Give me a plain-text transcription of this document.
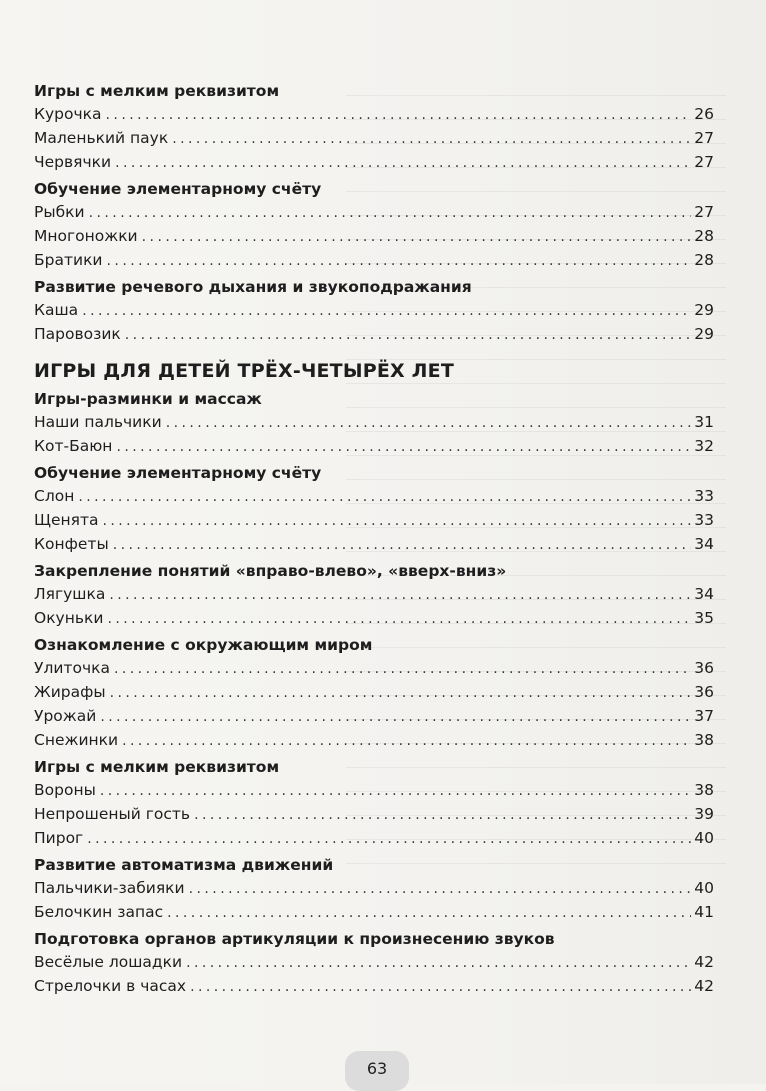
Игры с мелким реквизитом
Курочка . . .	26
Маленький паук . . .	27
Червячки . . .	27
Обучение элементарному счёту
Рыбки . . .	27
Многоножки . . .	28
Братики . . .	28
Развитие речевого дыхания и звукоподражания
Каша . . .	29
Паровозик . . .	29
ИГРЫ ДЛЯ ДЕТЕЙ ТРЁХ-ЧЕТЫРЁХ ЛЕТ
Игры-разминки и массаж
Наши пальчики . . .	31
Кот-Баюн . . .	32
Обучение элементарному счёту
Слон . . .	33
Щенята . . .	33
Конфеты . . .	34
Закрепление понятий «вправо-влево», «вверх-вниз»
Лягушка . . .	34
Окуньки . . .	35
Ознакомление с окружающим миром
Улиточка . . .	36
Жирафы . . .	36
Урожай . . .	37
Снежинки . . .	38
Игры с мелким реквизитом
Вороны . . .	38
Непрошеный гость . . .	39
Пирог . . .	40
Развитие автоматизма движений
Пальчики-забияки . . .	40
Белочкин запас . . .	41
Подготовка органов артикуляции к произнесению звуков
Весёлые лошадки . . .	42
Стрелочки в часах . . .	42
63
